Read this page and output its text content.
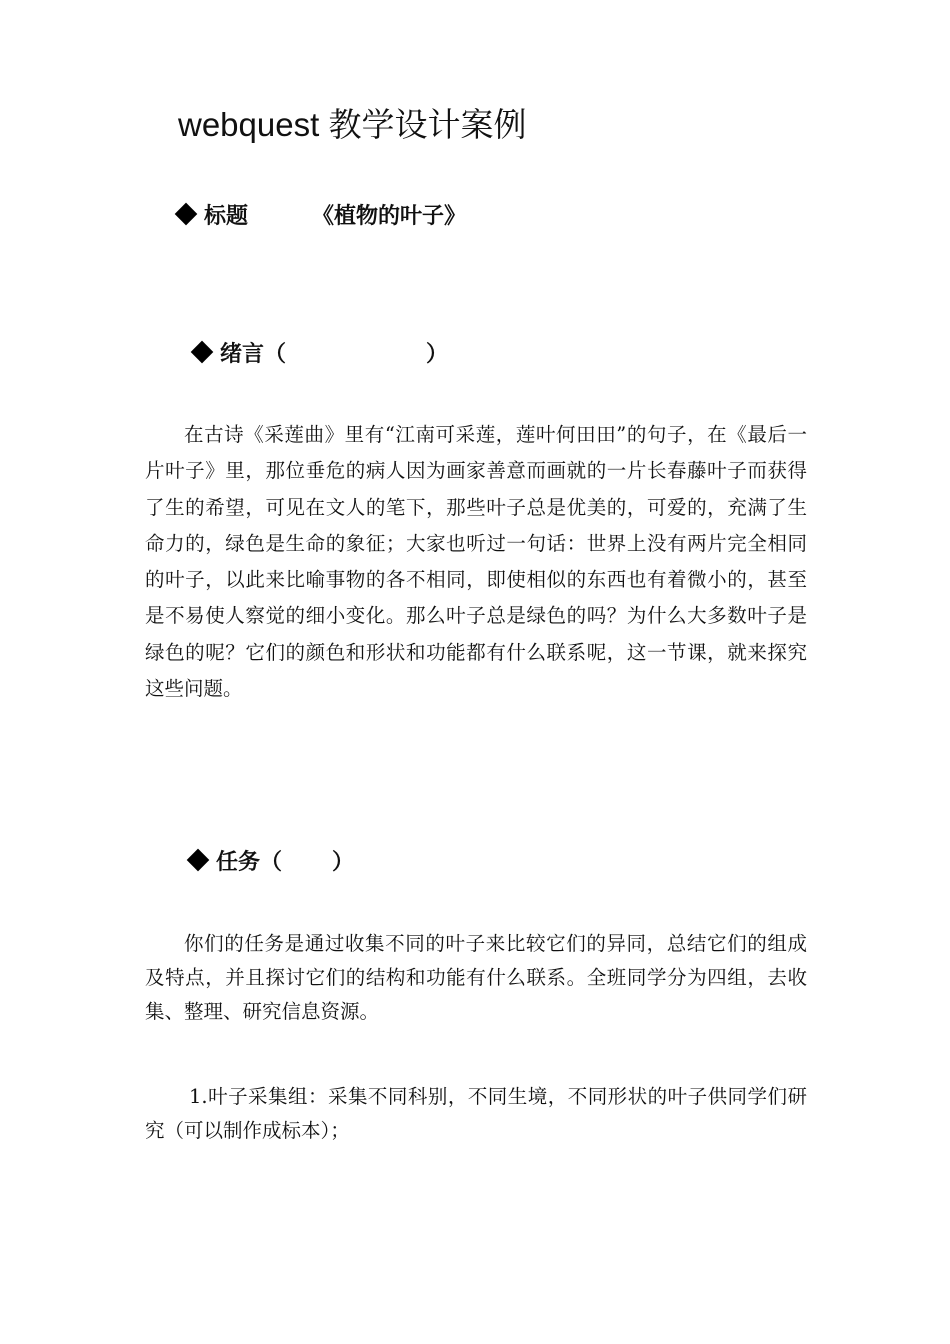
webquest 教学设计案例
标题	《植物的叶子》
绪言（	）

在古诗《采莲曲》里有“江南可采莲，莲叶何田田”的句子，在《最后一片叶子》里，那位垂危的病人因为画家善意而画就的一片长春藤叶子而获得了生的希望，可见在文人的笔下，那些叶子总是优美的，可爱的，充满了生命力的，绿色是生命的象征；大家也听过一句话：世界上没有两片完全相同的叶子，以此来比喻事物的各不相同，即使相似的东西也有着微小的，甚至是不易使人察觉的细小变化。那么叶子总是绿色的吗？为什么大多数叶子是绿色的呢？它们的颜色和形状和功能都有什么联系呢，这一节课，就来探究这些问题。

任务（ ）

你们的任务是通过收集不同的叶子来比较它们的异同，总结它们的组成及特点，并且探讨它们的结构和功能有什么联系。全班同学分为四组，去收集、整理、研究信息资源。

1.叶子采集组：采集不同科别，不同生境，不同形状的叶子供同学们研究（可以制作成标本）；
